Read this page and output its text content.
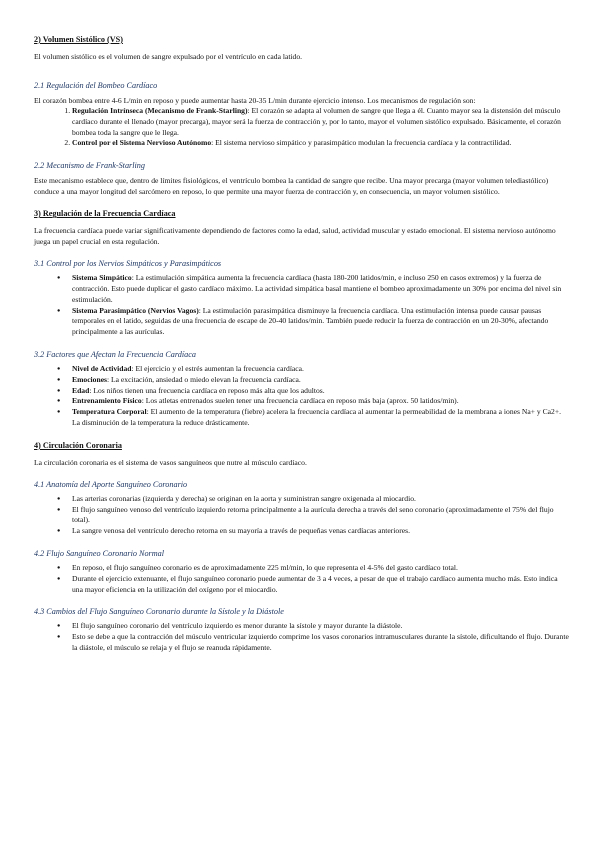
2) Volumen Sistólico (VS)

El volumen sistólico es el volumen de sangre expulsado por el ventrículo en cada latido.

2.1 Regulación del Bombeo Cardíaco

El corazón bombea entre 4-6 L/min en reposo y puede aumentar hasta 20-35 L/min durante ejercicio intenso. Los mecanismos de regulación son:

1. Regulación Intrínseca (Mecanismo de Frank-Starling): El corazón se adapta al volumen de sangre que llega a él. Cuanto mayor sea la distensión del músculo cardíaco durante el llenado (mayor precarga), mayor será la fuerza de contracción y, por lo tanto, mayor el volumen sistólico expulsado. Básicamente, el corazón bombea toda la sangre que le llega.
2. Control por el Sistema Nervioso Autónomo: El sistema nervioso simpático y parasimpático modulan la frecuencia cardíaca y la contractilidad.
2.2 Mecanismo de Frank-Starling

Este mecanismo establece que, dentro de límites fisiológicos, el ventrículo bombea la cantidad de sangre que recibe. Una mayor precarga (mayor volumen telediastólico) conduce a una mayor longitud del sarcómero en reposo, lo que permite una mayor fuerza de contracción y, en consecuencia, un mayor volumen sistólico.

3) Regulación de la Frecuencia Cardíaca

La frecuencia cardíaca puede variar significativamente dependiendo de factores como la edad, salud, actividad muscular y estado emocional. El sistema nervioso autónomo juega un papel crucial en esta regulación.

3.1 Control por los Nervios Simpáticos y Parasimpáticos
● Sistema Simpático: La estimulación simpática aumenta la frecuencia cardíaca (hasta 180-200 latidos/min, e incluso 250 en casos extremos) y la fuerza de contracción. Esto puede duplicar el gasto cardíaco máximo. La actividad simpática basal mantiene el bombeo aproximadamente un 30% por encima del nivel sin estimulación.
● Sistema Parasimpático (Nervios Vagos): La estimulación parasimpática disminuye la frecuencia cardíaca. Una estimulación intensa puede causar pausas temporales en el latido, seguidas de una frecuencia de escape de 20-40 latidos/min. También puede reducir la fuerza de contracción en un 20-30%, afectando principalmente a las aurículas.
3.2 Factores que Afectan la Frecuencia Cardíaca
● Nivel de Actividad: El ejercicio y el estrés aumentan la frecuencia cardíaca.
● Emociones: La excitación, ansiedad o miedo elevan la frecuencia cardíaca.
● Edad: Los niños tienen una frecuencia cardíaca en reposo más alta que los adultos.
● Entrenamiento Físico: Los atletas entrenados suelen tener una frecuencia cardíaca en reposo más baja (aprox. 50 latidos/min).
● Temperatura Corporal: El aumento de la temperatura (fiebre) acelera la frecuencia cardíaca al aumentar la permeabilidad de la membrana a iones Na+ y Ca2+. La disminución de la temperatura la reduce drásticamente.
4) Circulación Coronaria

La circulación coronaria es el sistema de vasos sanguíneos que nutre al músculo cardíaco.

4.1 Anatomía del Aporte Sanguíneo Coronario
● Las arterias coronarias (izquierda y derecha) se originan en la aorta y suministran sangre oxigenada al miocardio.
● El flujo sanguíneo venoso del ventrículo izquierdo retorna principalmente a la aurícula derecha a través del seno coronario (aproximadamente el 75% del flujo total).
● La sangre venosa del ventrículo derecho retorna en su mayoría a través de pequeñas venas cardíacas anteriores.
4.2 Flujo Sanguíneo Coronario Normal
● En reposo, el flujo sanguíneo coronario es de aproximadamente 225 ml/min, lo que representa el 4-5% del gasto cardíaco total.
● Durante el ejercicio extenuante, el flujo sanguíneo coronario puede aumentar de 3 a 4 veces, a pesar de que el trabajo cardíaco aumenta mucho más. Esto indica una mayor eficiencia en la utilización del oxígeno por el miocardio.
4.3 Cambios del Flujo Sanguíneo Coronario durante la Sístole y la Diástole
● El flujo sanguíneo coronario del ventrículo izquierdo es menor durante la sístole y mayor durante la diástole.
● Esto se debe a que la contracción del músculo ventricular izquierdo comprime los vasos coronarios intramusculares durante la sístole, dificultando el flujo. Durante la diástole, el músculo se relaja y el flujo se reanuda rápidamente.
